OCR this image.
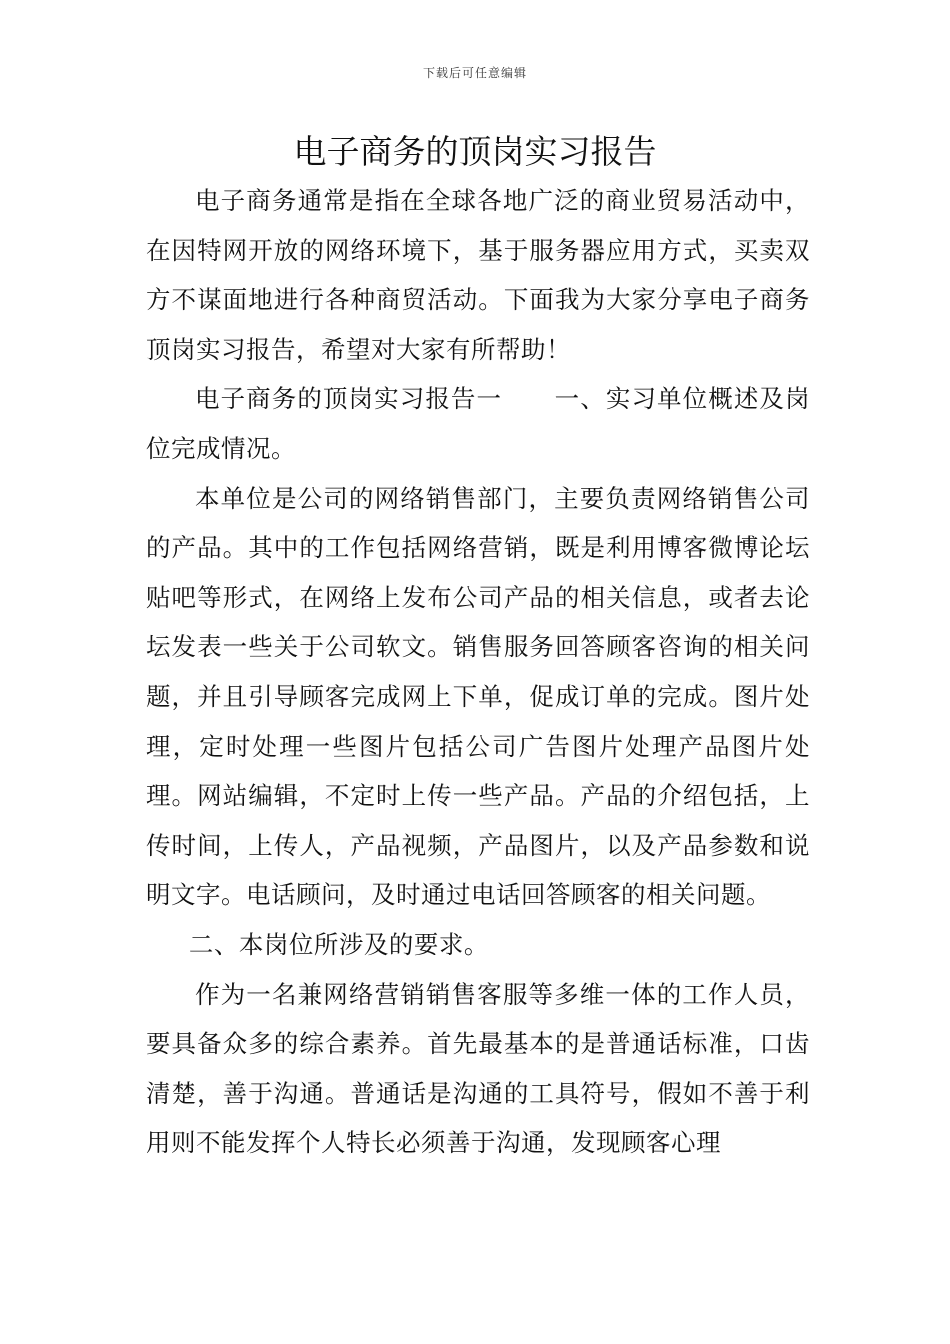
下载后可任意编辑
电子商务的顶岗实习报告

电子商务通常是指在全球各地广泛的商业贸易活动中，在因特网开放的网络环境下，基于服务器应用方式，买卖双方不谋面地进行各种商贸活动。下面我为大家分享电子商务顶岗实习报告，希望对大家有所帮助！

电子商务的顶岗实习报告一 一、实习单位概述及岗位完成情况。

本单位是公司的网络销售部门，主要负责网络销售公司的产品。其中的工作包括网络营销，既是利用博客微博论坛贴吧等形式，在网络上发布公司产品的相关信息，或者去论坛发表一些关于公司软文。销售服务回答顾客咨询的相关问题，并且引导顾客完成网上下单，促成订单的完成。图片处理，定时处理一些图片包括公司广告图片处理产品图片处理。网站编辑，不定时上传一些产品。产品的介绍包括，上传时间，上传人，产品视频，产品图片，以及产品参数和说明文字。电话顾问，及时通过电话回答顾客的相关问题。

二、本岗位所涉及的要求。

作为一名兼网络营销销售客服等多维一体的工作人员，要具备众多的综合素养。首先最基本的是普通话标准，口齿清楚，善于沟通。普通话是沟通的工具符号，假如不善于利用则不能发挥个人特长必须善于沟通，发现顾客心理
